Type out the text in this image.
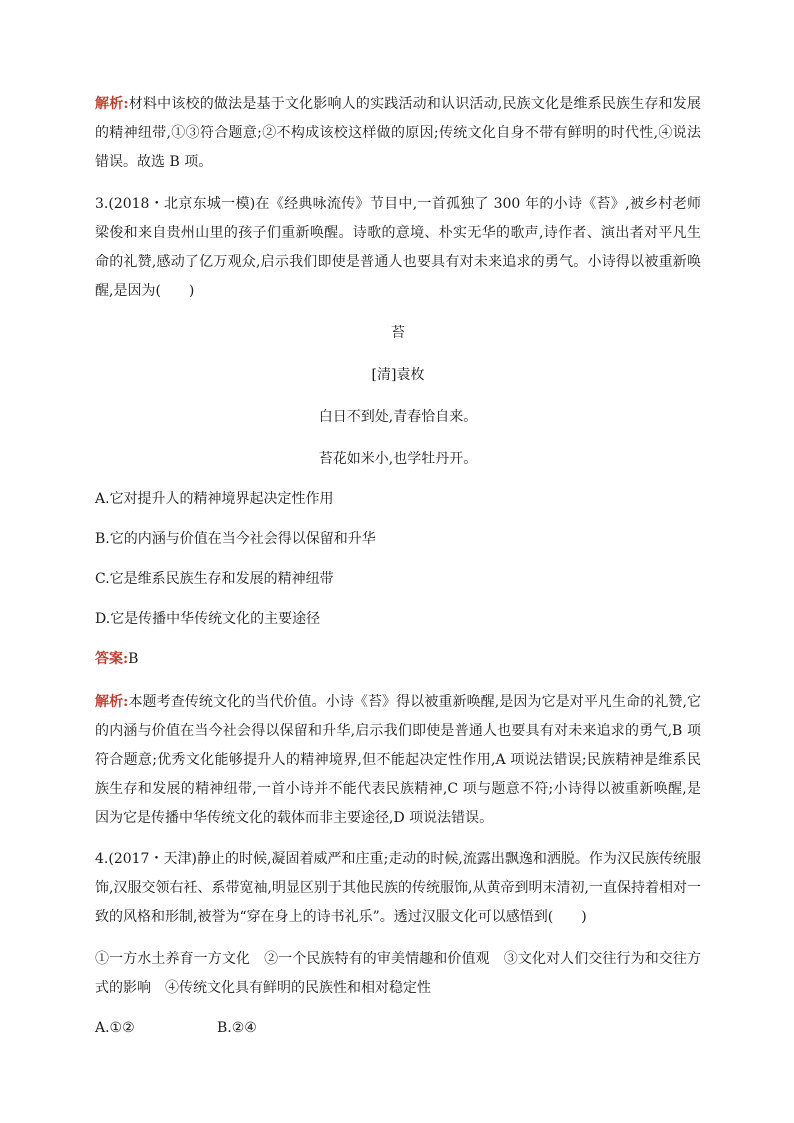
解析:材料中该校的做法是基于文化影响人的实践活动和认识活动,民族文化是维系民族生存和发展的精神纽带,①③符合题意;②不构成该校这样做的原因;传统文化自身不带有鲜明的时代性,④说法错误。故选 B 项。

3.(2018・北京东城一模)在《经典咏流传》节目中,一首孤独了 300 年的小诗《苔》,被乡村老师梁俊和来自贵州山里的孩子们重新唤醒。诗歌的意境、朴实无华的歌声,诗作者、演出者对平凡生命的礼赞,感动了亿万观众,启示我们即使是普通人也要具有对未来追求的勇气。小诗得以被重新唤醒,是因为(　　)

苔
[清]袁枚
白日不到处,青春恰自来。
苔花如米小,也学牡丹开。
A.它对提升人的精神境界起决定性作用
B.它的内涵与价值在当今社会得以保留和升华
C.它是维系民族生存和发展的精神纽带
D.它是传播中华传统文化的主要途径
答案:B

解析:本题考查传统文化的当代价值。小诗《苔》得以被重新唤醒,是因为它是对平凡生命的礼赞,它的内涵与价值在当今社会得以保留和升华,启示我们即使是普通人也要具有对未来追求的勇气,B 项符合题意;优秀文化能够提升人的精神境界,但不能起决定性作用,A 项说法错误;民族精神是维系民族生存和发展的精神纽带,一首小诗并不能代表民族精神,C 项与题意不符;小诗得以被重新唤醒,是因为它是传播中华传统文化的载体而非主要途径,D 项说法错误。

4.(2017・天津)静止的时候,凝固着威严和庄重;走动的时候,流露出飘逸和洒脱。作为汉民族传统服饰,汉服交领右衽、系带宽袖,明显区别于其他民族的传统服饰,从黄帝到明末清初,一直保持着相对一致的风格和形制,被誉为“穿在身上的诗书礼乐”。透过汉服文化可以感悟到(　　)

①一方水土养育一方文化　②一个民族特有的审美情趣和价值观　③文化对人们交往行为和交往方式的影响　④传统文化具有鲜明的民族性和相对稳定性

A.①②	B.②④
